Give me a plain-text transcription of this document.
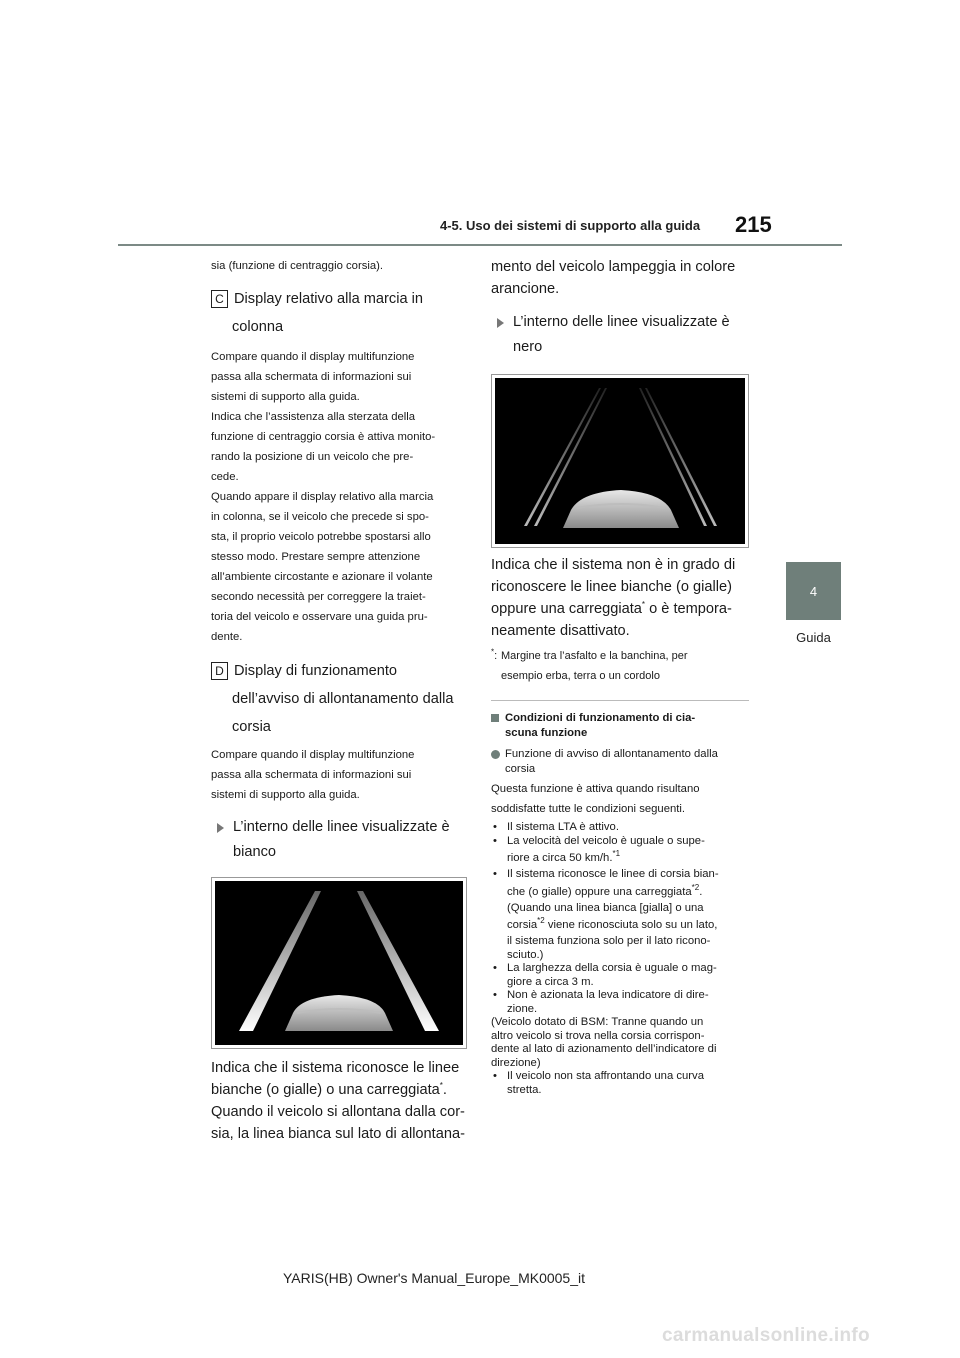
4-5. Uso dei sistemi di supporto alla guida 215
4
Guida

sia (funzione di centraggio corsia).

C Display relativo alla marcia in
colonna

Compare quando il display multifunzione

passa alla schermata di informazioni sui

sistemi di supporto alla guida.

Indica che l’assistenza alla sterzata della

funzione di centraggio corsia è attiva monito-

rando la posizione di un veicolo che pre-

cede.

Quando appare il display relativo alla marcia

in colonna, se il veicolo che precede si spo-

sta, il proprio veicolo potrebbe spostarsi allo

stesso modo. Prestare sempre attenzione

all’ambiente circostante e azionare il volante

secondo necessità per correggere la traiet-

toria del veicolo e osservare una guida pru-

dente.

D Display di funzionamento
dell’avviso di allontanamento dalla
corsia

Compare quando il display multifunzione

passa alla schermata di informazioni sui

sistemi di supporto alla guida.

L’interno delle linee visualizzate è
bianco

Indica che il sistema riconosce le linee

bianche (o gialle) o una carreggiata*.

Quando il veicolo si allontana dalla cor-

sia, la linea bianca sul lato di allontana-

mento del veicolo lampeggia in colore

arancione.

L’interno delle linee visualizzate è
nero

Indica che il sistema non è in grado di

riconoscere le linee bianche (o gialle)

oppure una carreggiata* o è tempora-

neamente disattivato.

*: Margine tra l’asfalto e la banchina, per
esempio erba, terra o un cordolo
Condizioni di funzionamento di cia-

scuna funzione

Funzione di avviso di allontanamento dalla

corsia

Questa funzione è attiva quando risultano

soddisfatte tutte le condizioni seguenti.

• Il sistema LTA è attivo.
• La velocità del veicolo è uguale o supe-
riore a circa 50 km/h.$^{*1}$
• Il sistema riconosce le linee di corsia bian-
che (o gialle) oppure una carreggiata$^{*2}$.
(Quando una linea bianca [gialla] o una
corsia$^{*2}$ viene riconosciuta solo su un lato,
il sistema funziona solo per il lato ricono-
sciuto.)
• La larghezza della corsia è uguale o mag-
giore a circa 3 m.
• Non è azionata la leva indicatore di dire-
zione.

(Veicolo dotato di BSM: Tranne quando un

altro veicolo si trova nella corsia corrispon-

dente al lato di azionamento dell’indicatore di

direzione)

• Il veicolo non sta affrontando una curva
stretta.
YARIS(HB) Owner's Manual_Europe_MK0005_it
carmanualsonline.info
